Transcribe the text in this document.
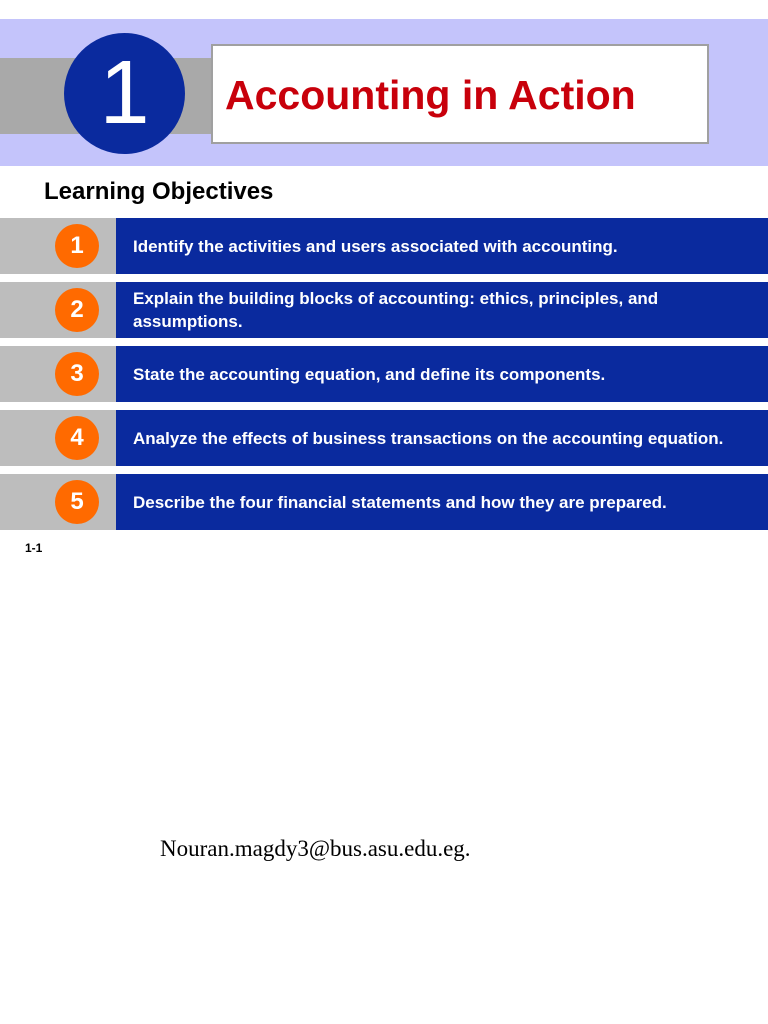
1	Accounting in Action
Learning Objectives
1	Identify the activities and users associated with accounting.
2	Explain the building blocks of accounting: ethics, principles, and assumptions.
3	State the accounting equation, and define its components.
4	Analyze the effects of business transactions on the accounting equation.
5	Describe the four financial statements and how they are prepared.
1-1
Nouran.magdy3@bus.asu.edu.eg.
